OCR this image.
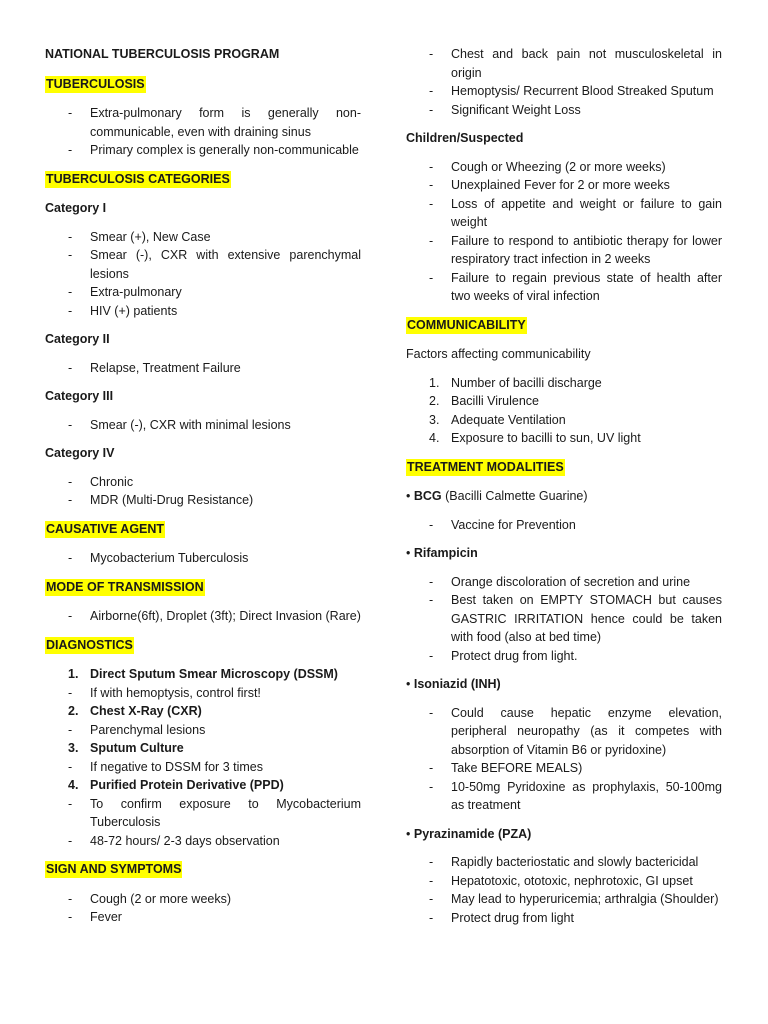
NATIONAL TUBERCULOSIS PROGRAM
TUBERCULOSIS
- Extra-pulmonary form is generally non-communicable, even with draining sinus
- Primary complex is generally non-communicable
TUBERCULOSIS CATEGORIES
Category I
- Smear (+), New Case
- Smear (-), CXR with extensive parenchymal lesions
- Extra-pulmonary
- HIV (+) patients
Category II
- Relapse, Treatment Failure
Category III
- Smear (-), CXR with minimal lesions
Category IV
- Chronic
- MDR (Multi-Drug Resistance)
CAUSATIVE AGENT
- Mycobacterium Tuberculosis
MODE OF TRANSMISSION
- Airborne(6ft), Droplet (3ft); Direct Invasion (Rare)
DIAGNOSTICS
1. Direct Sputum Smear Microscopy (DSSM)
- If with hemoptysis, control first!
2. Chest X-Ray (CXR)
- Parenchymal lesions
3. Sputum Culture
- If negative to DSSM for 3 times
4. Purified Protein Derivative (PPD)
- To confirm exposure to Mycobacterium Tuberculosis
- 48-72 hours/ 2-3 days observation
SIGN AND SYMPTOMS
- Cough (2 or more weeks)
- Fever
- Chest and back pain not musculoskeletal in origin
- Hemoptysis/ Recurrent Blood Streaked Sputum
- Significant Weight Loss
Children/Suspected
- Cough or Wheezing (2 or more weeks)
- Unexplained Fever for 2 or more weeks
- Loss of appetite and weight or failure to gain weight
- Failure to respond to antibiotic therapy for lower respiratory tract infection in 2 weeks
- Failure to regain previous state of health after two weeks of viral infection
COMMUNICABILITY
Factors affecting communicability
1. Number of bacilli discharge
2. Bacilli Virulence
3. Adequate Ventilation
4. Exposure to bacilli to sun, UV light
TREATMENT MODALITIES
• BCG (Bacilli Calmette Guarine)
- Vaccine for Prevention
• Rifampicin
- Orange discoloration of secretion and urine
- Best taken on EMPTY STOMACH but causes GASTRIC IRRITATION hence could be taken with food (also at bed time)
- Protect drug from light.
• Isoniazid (INH)
- Could cause hepatic enzyme elevation, peripheral neuropathy (as it competes with absorption of Vitamin B6 or pyridoxine)
- Take BEFORE MEALS)
- 10-50mg Pyridoxine as prophylaxis, 50-100mg as treatment
• Pyrazinamide (PZA)
- Rapidly bacteriostatic and slowly bactericidal
- Hepatotoxic, ototoxic, nephrotoxic, GI upset
- May lead to hyperuricemia; arthralgia (Shoulder)
- Protect drug from light
